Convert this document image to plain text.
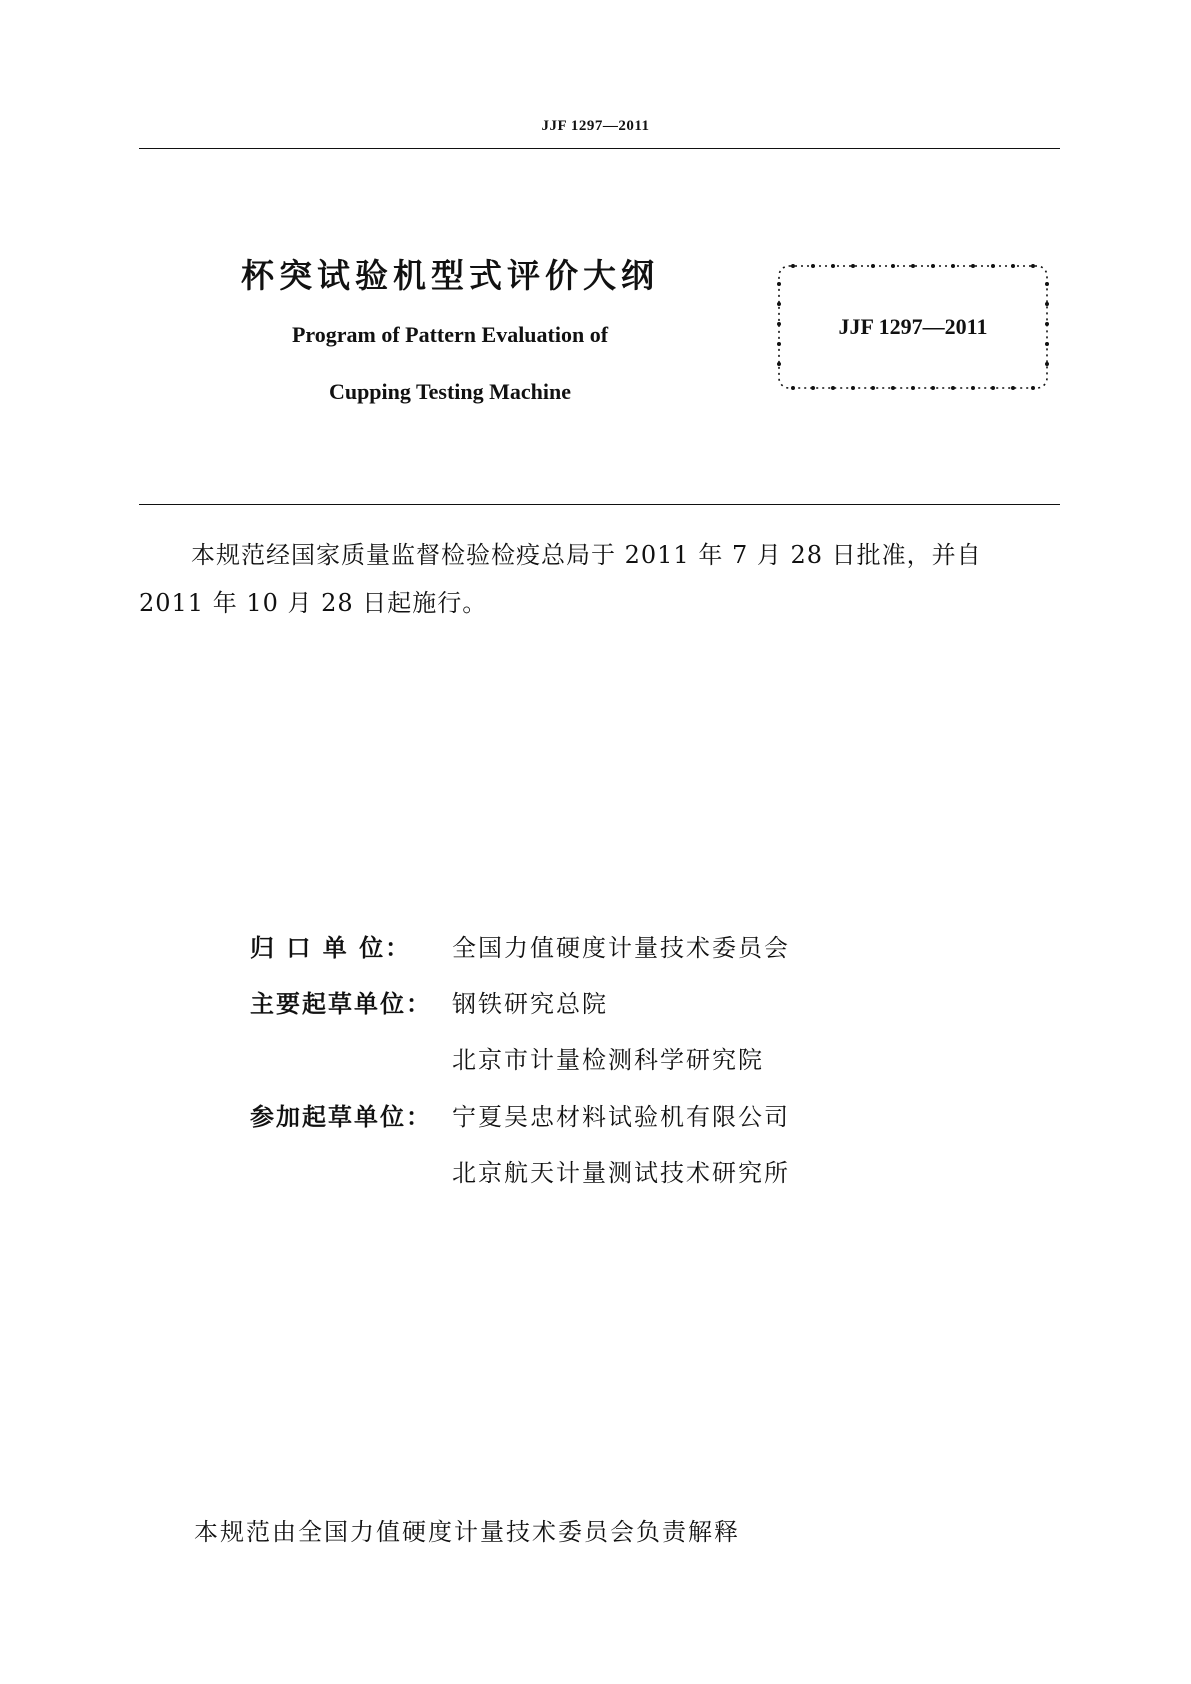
JJF 1297—2011
杯突试验机型式评价大纲
Program of Pattern Evaluation of
Cupping Testing Machine
JJF 1297—2011
本规范经国家质量监督检验检疫总局于 2011 年 7 月 28 日批准，并自
2011 年 10 月 28 日起施行。
归 口 单 位：	全国力值硬度计量技术委员会
主要起草单位： 钢铁研究总院
北京市计量检测科学研究院
参加起草单位： 宁夏吴忠材料试验机有限公司
北京航天计量测试技术研究所
本规范由全国力值硬度计量技术委员会负责解释
